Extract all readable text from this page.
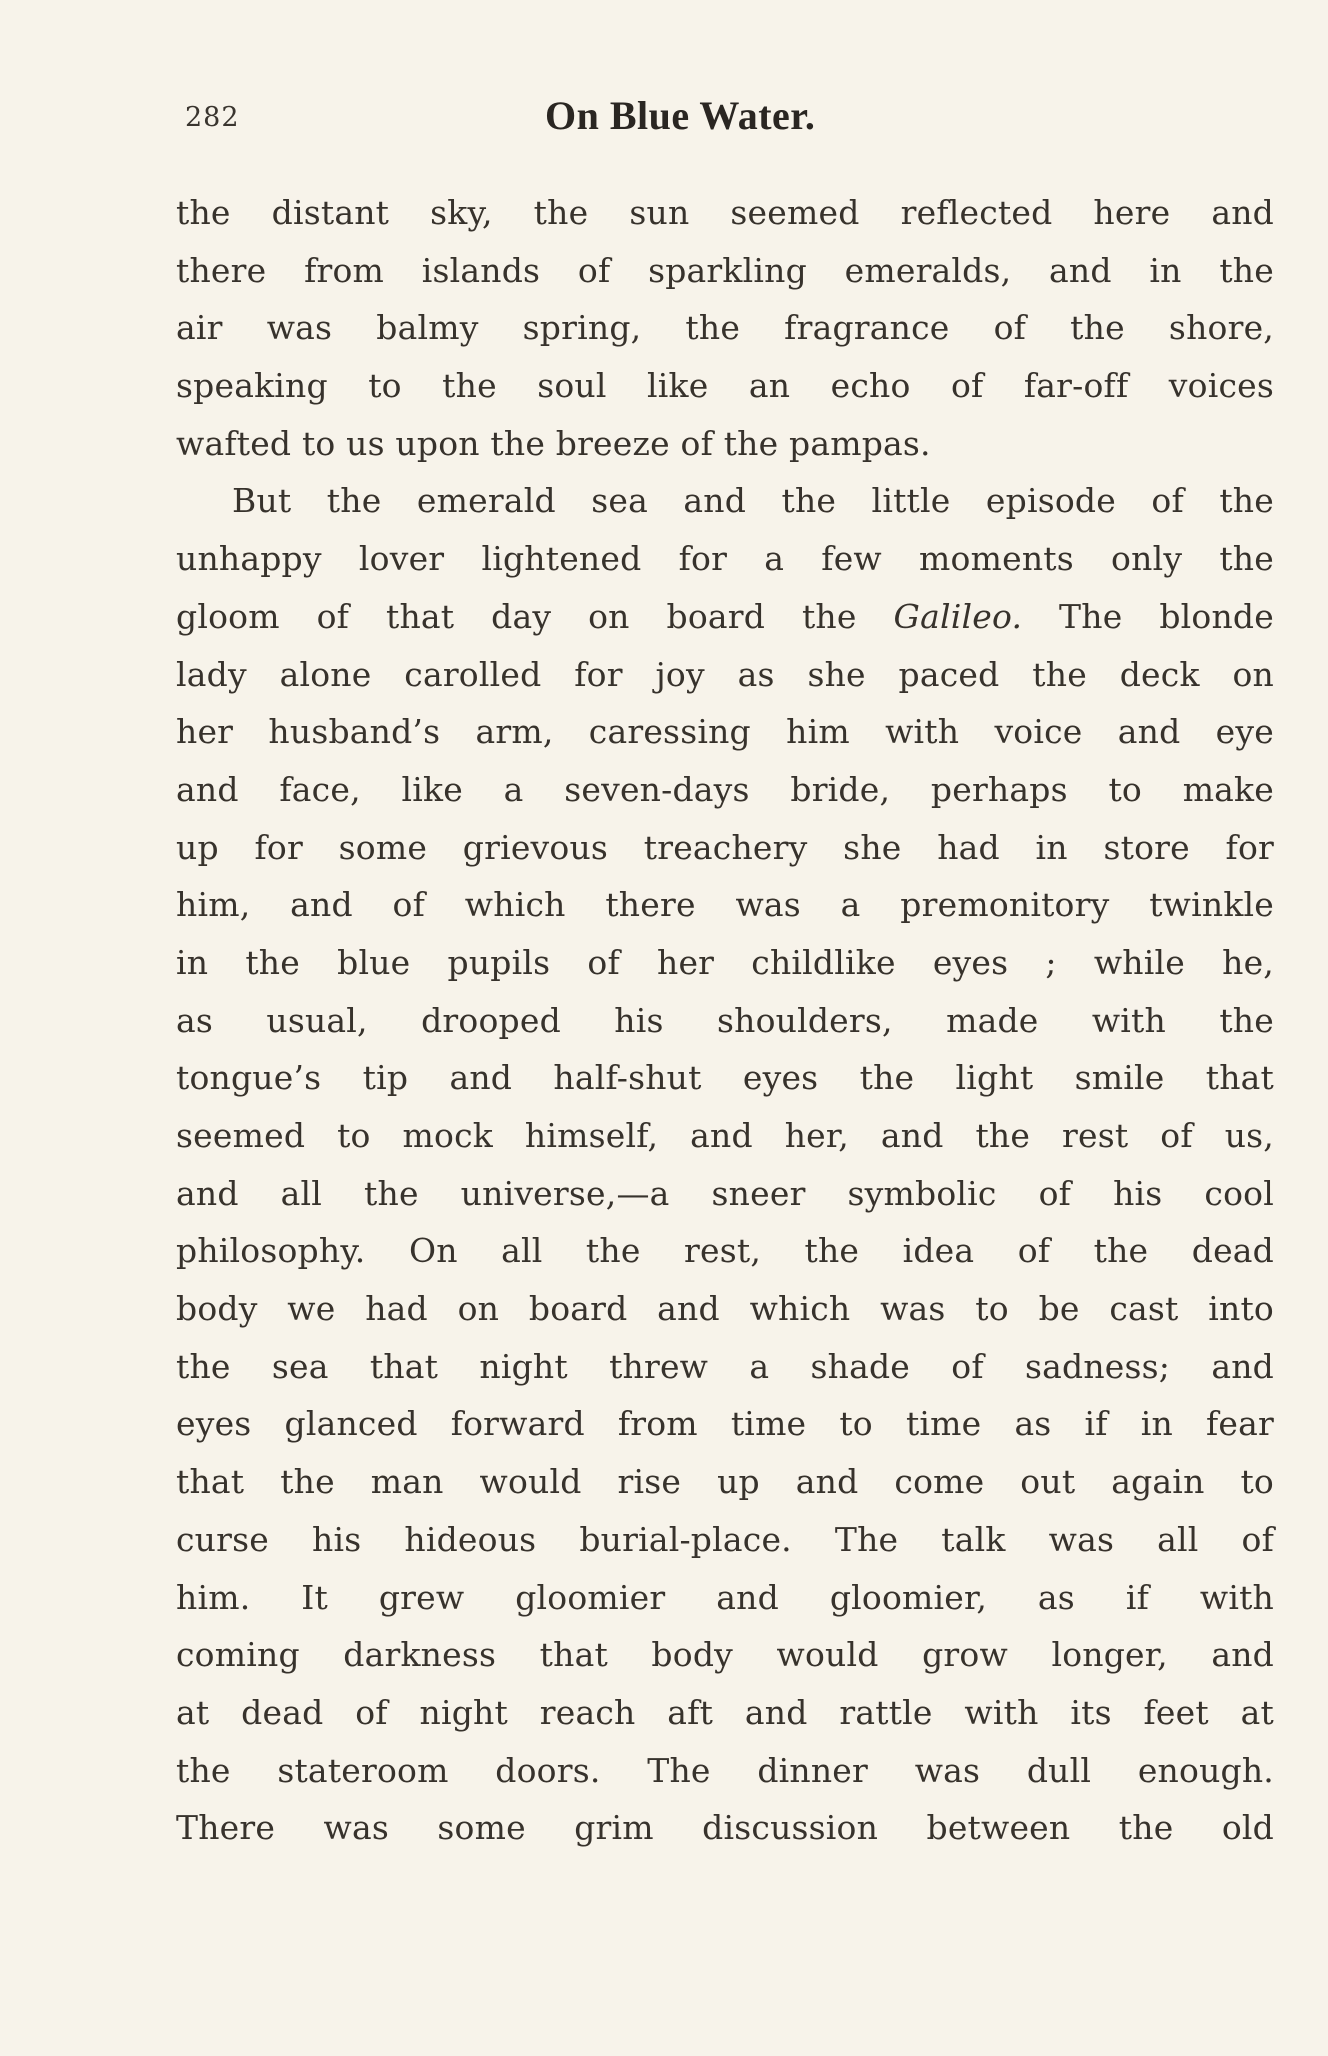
282	On Blue Water.
the distant sky, the sun seemed reflected here and
there from islands of sparkling emeralds, and in the
air was balmy spring, the fragrance of the shore,
speaking to the soul like an echo of far-off voices
wafted to us upon the breeze of the pampas.
But the emerald sea and the little episode of the
unhappy lover lightened for a few moments only the
gloom of that day on board the Galileo. The blonde
lady alone carolled for joy as she paced the deck on
her husband’s arm, caressing him with voice and eye
and face, like a seven-days bride, perhaps to make
up for some grievous treachery she had in store for
him, and of which there was a premonitory twinkle
in the blue pupils of her childlike eyes ; while he,
as usual, drooped his shoulders, made with the
tongue’s tip and half-shut eyes the light smile that
seemed to mock himself, and her, and the rest of us,
and all the universe,—a sneer symbolic of his cool
philosophy. On all the rest, the idea of the dead
body we had on board and which was to be cast into
the sea that night threw a shade of sadness; and
eyes glanced forward from time to time as if in fear
that the man would rise up and come out again to
curse his hideous burial-place. The talk was all of
him. It grew gloomier and gloomier, as if with
coming darkness that body would grow longer, and
at dead of night reach aft and rattle with its feet at
the stateroom doors. The dinner was dull enough.
There was some grim discussion between the old
